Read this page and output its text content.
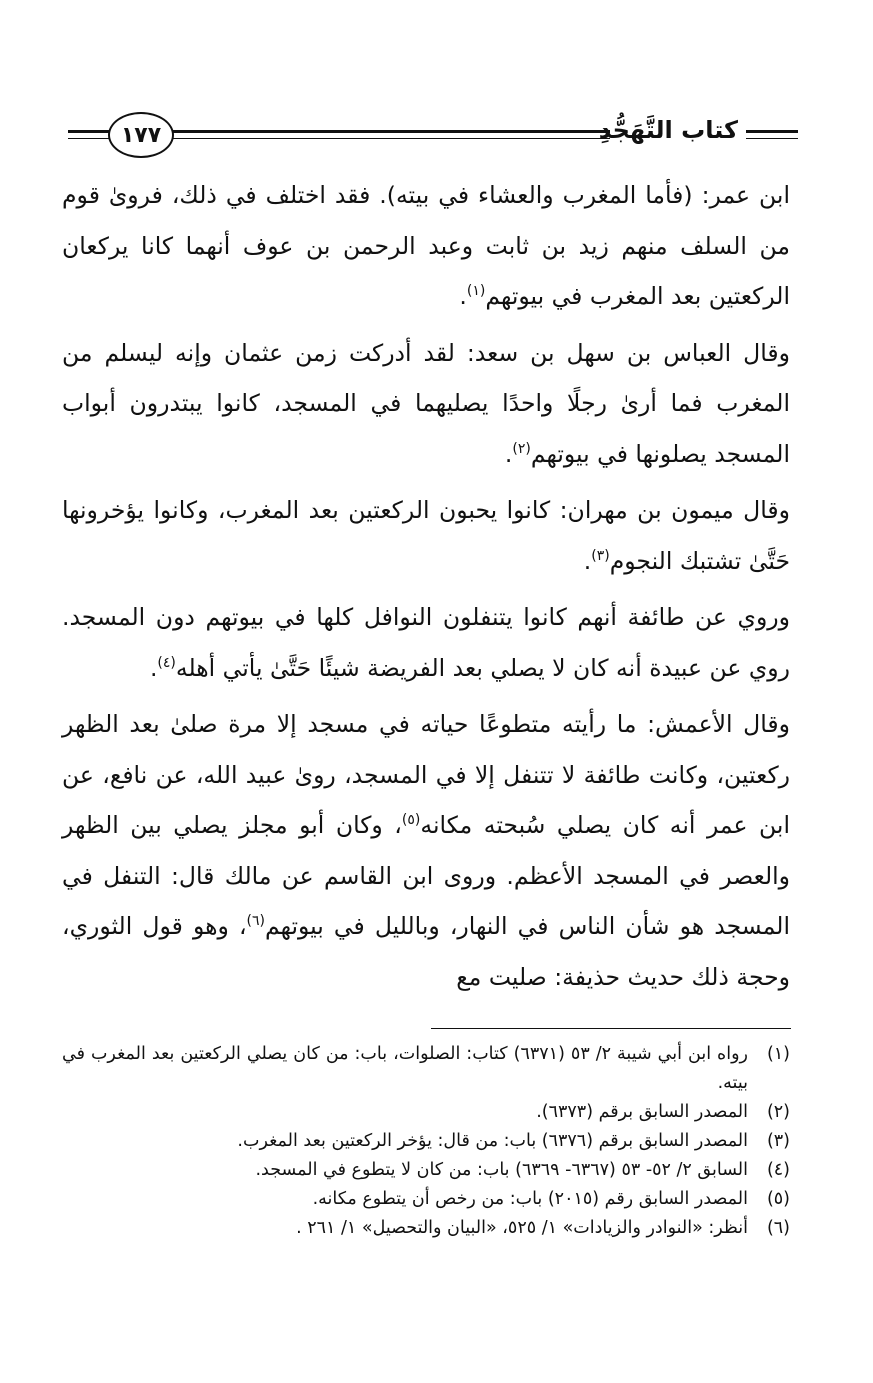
١٧٧	كتاب التَّهَجُّدِ

ابن عمر: (فأما المغرب والعشاء في بيته). فقد اختلف في ذلك، فروىٰ قوم من السلف منهم زيد بن ثابت وعبد الرحمن بن عوف أنهما كانا يركعان الركعتين بعد المغرب في بيوتهم$^{(١)}$.

وقال العباس بن سهل بن سعد: لقد أدركت زمن عثمان وإنه ليسلم من المغرب فما أرىٰ رجلًا واحدًا يصليهما في المسجد، كانوا يبتدرون أبواب المسجد يصلونها في بيوتهم$^{(٢)}$.

وقال ميمون بن مهران: كانوا يحبون الركعتين بعد المغرب، وكانوا يؤخرونها حَتَّىٰ تشتبك النجوم$^{(٣)}$.

وروي عن طائفة أنهم كانوا يتنفلون النوافل كلها في بيوتهم دون المسجد. روي عن عبيدة أنه كان لا يصلي بعد الفريضة شيئًا حَتَّىٰ يأتي أهله$^{(٤)}$.

وقال الأعمش: ما رأيته متطوعًا حياته في مسجد إلا مرة صلىٰ بعد الظهر ركعتين، وكانت طائفة لا تتنفل إلا في المسجد، روىٰ عبيد الله، عن نافع، عن ابن عمر أنه كان يصلي سُبحته مكانه$^{(٥)}$، وكان أبو مجلز يصلي بين الظهر والعصر في المسجد الأعظم. وروى ابن القاسم عن مالك قال: التنفل في المسجد هو شأن الناس في النهار، وبالليل في بيوتهم$^{(٦)}$، وهو قول الثوري، وحجة ذلك حديث حذيفة: صليت مع

(١)
رواه ابن أبي شيبة ٢/ ٥٣ (٦٣٧١) كتاب: الصلوات، باب: من كان يصلي الركعتين بعد المغرب في بيته.
(٢)
المصدر السابق برقم (٦٣٧٣).
(٣)
المصدر السابق برقم (٦٣٧٦) باب: من قال: يؤخر الركعتين بعد المغرب.
(٤)
السابق ٢/ ٥٢- ٥٣ (٦٣٦٧- ٦٣٦٩) باب: من كان لا يتطوع في المسجد.
(٥)
المصدر السابق رقم (٢٠١٥) باب: من رخص أن يتطوع مكانه.
(٦)
أنظر: «النوادر والزيادات» ١/ ٥٢٥، «البيان والتحصيل» ١/ ٢٦١ .
